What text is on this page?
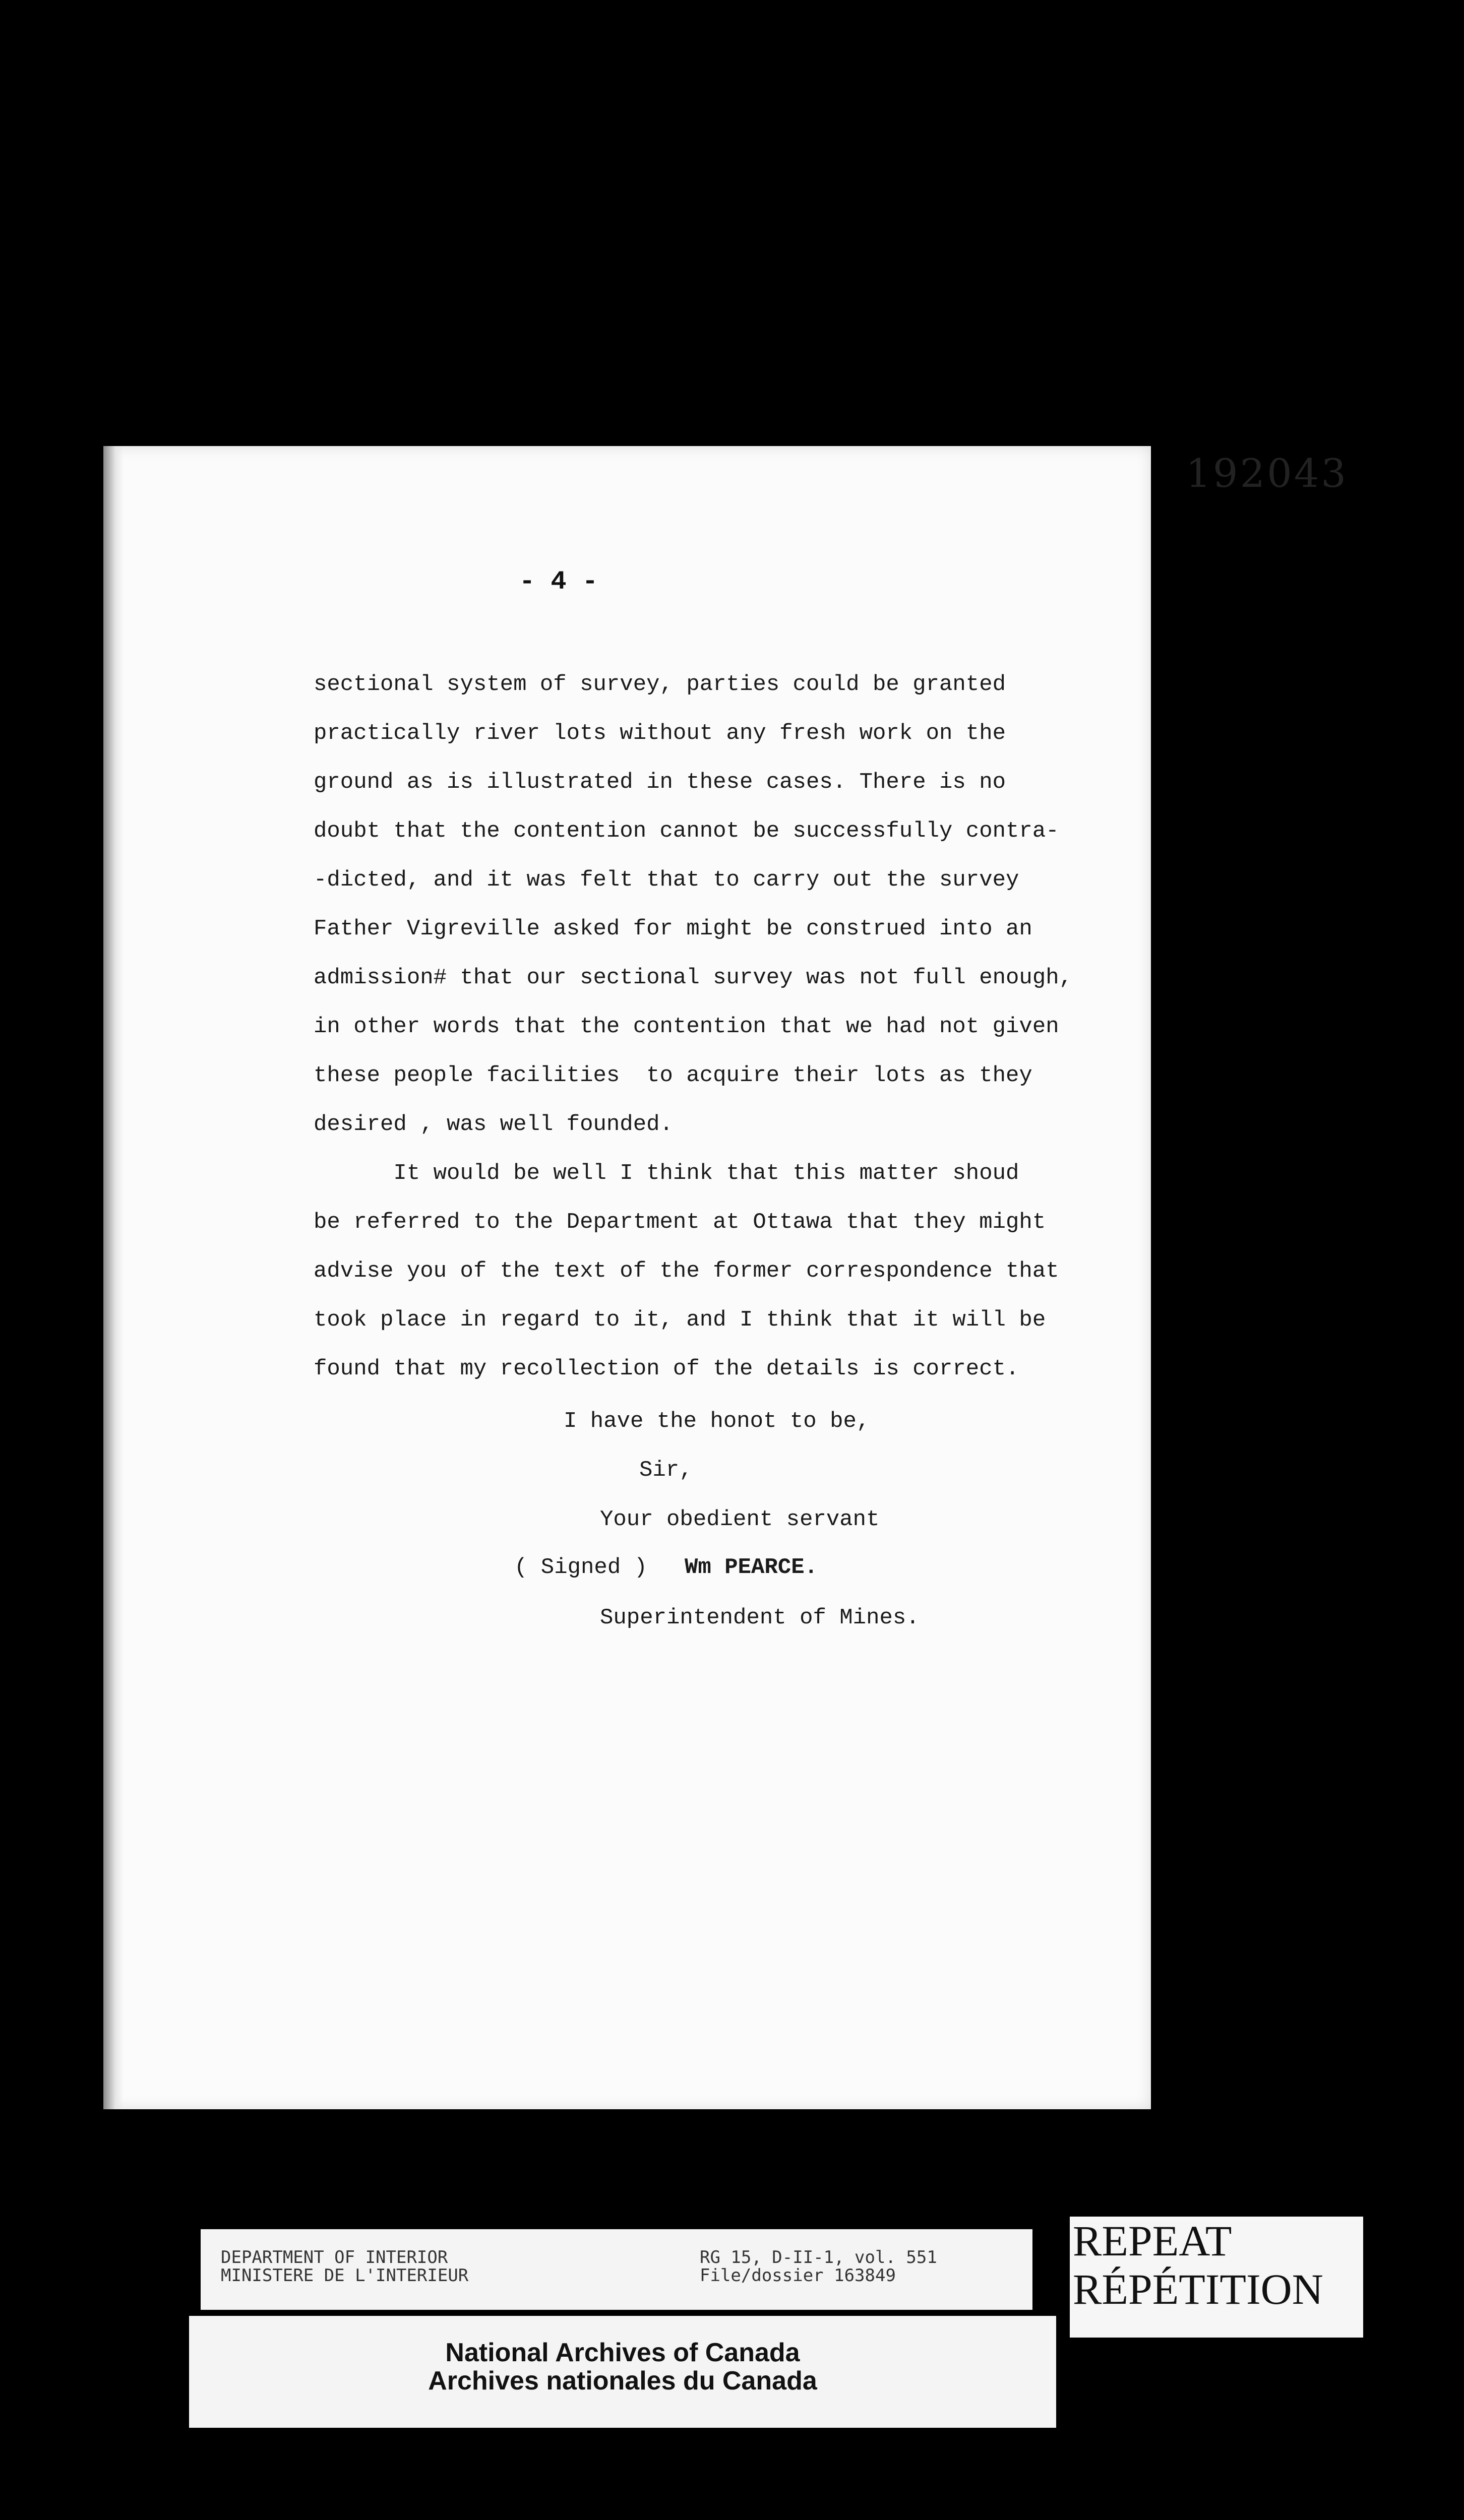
192043
- 4 -
sectional system of survey, parties could be granted
practically river lots without any fresh work on the
ground as is illustrated in these cases. There is no
doubt that the contention cannot be successfully contra-
-dicted, and it was felt that to carry out the survey
Father Vigreville asked for might be construed into an
admission# that our sectional survey was not full enough,
in other words that the contention that we had not given
these people facilities  to acquire their lots as they
desired , was well founded.
It would be well I think that this matter shoud
be referred to the Department at Ottawa that they might
advise you of the text of the former correspondence that
took place in regard to it, and I think that it will be
found that my recollection of the details is correct.
I have the honot to be,
Sir,
Your obedient servant
( Signed ) Wm PEARCE.
Superintendent of Mines.
DEPARTMENT OF INTERIOR
MINISTERE DE L'INTERIEUR
RG 15, D-II-1, vol. 551
File/dossier 163849
REPEAT
RÉPÉTITION
National Archives of Canada
Archives nationales du Canada
